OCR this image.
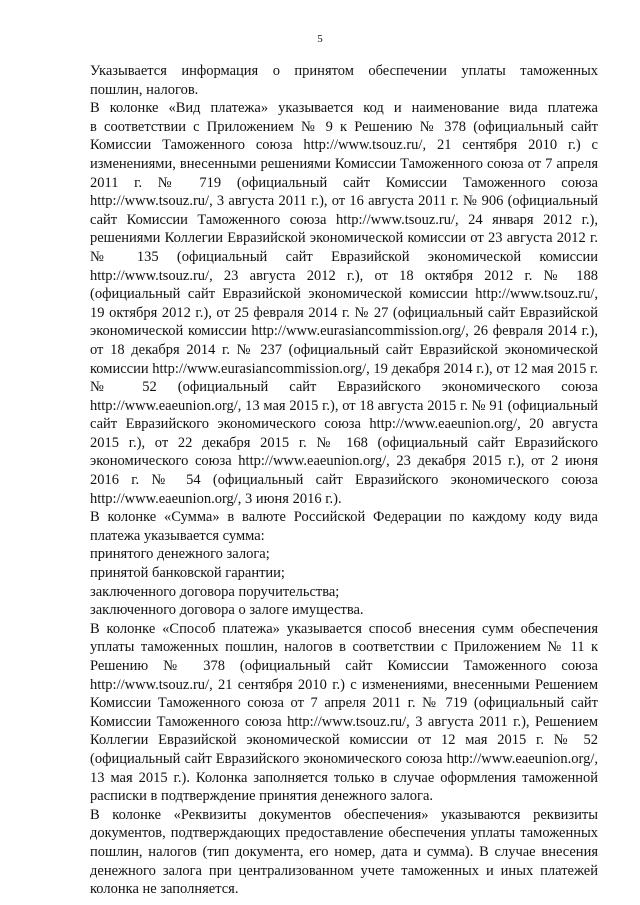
5
Указывается информация о принятом обеспечении уплаты таможенных
пошлин, налогов.
В колонке «Вид платежа» указывается код и наименование вида платежа
в соответствии с Приложением № 9 к Решению № 378 (официальный сайт
Комиссии Таможенного союза http://www.tsouz.ru/, 21 сентября 2010 г.) с
изменениями, внесенными решениями Комиссии Таможенного союза от 7 апреля
2011 г. № 719 (официальный сайт Комиссии Таможенного союза
http://www.tsouz.ru/, 3 августа 2011 г.), от 16 августа 2011 г. № 906 (официальный
сайт Комиссии Таможенного союза http://www.tsouz.ru/, 24 января 2012 г.),
решениями Коллегии Евразийской экономической комиссии от 23 августа 2012 г.
№ 135 (официальный сайт Евразийской экономической комиссии
http://www.tsouz.ru/, 23 августа 2012 г.), от 18 октября 2012 г. № 188
(официальный сайт Евразийской экономической комиссии http://www.tsouz.ru/,
19 октября 2012 г.), от 25 февраля 2014 г. № 27 (официальный сайт Евразийской
экономической комиссии http://www.eurasiancommission.org/, 26 февраля 2014 г.),
от 18 декабря 2014 г. № 237 (официальный сайт Евразийской экономической
комиссии http://www.eurasiancommission.org/, 19 декабря 2014 г.), от 12 мая 2015 г.
№ 52 (официальный сайт Евразийского экономического союза
http://www.eaeunion.org/, 13 мая 2015 г.), от 18 августа 2015 г. № 91 (официальный
сайт Евразийского экономического союза http://www.eaeunion.org/, 20 августа
2015 г.), от 22 декабря 2015 г. № 168 (официальный сайт Евразийского
экономического союза http://www.eaeunion.org/, 23 декабря 2015 г.), от 2 июня
2016 г. № 54 (официальный сайт Евразийского экономического союза
http://www.eaeunion.org/, 3 июня 2016 г.).
В колонке «Сумма» в валюте Российской Федерации по каждому коду вида
платежа указывается сумма:
принятого денежного залога;
принятой банковской гарантии;
заключенного договора поручительства;
заключенного договора о залоге имущества.
В колонке «Способ платежа» указывается способ внесения сумм обеспечения
уплаты таможенных пошлин, налогов в соответствии с Приложением № 11 к
Решению № 378 (официальный сайт Комиссии Таможенного союза
http://www.tsouz.ru/, 21 сентября 2010 г.) с изменениями, внесенными Решением
Комиссии Таможенного союза от 7 апреля 2011 г. № 719 (официальный сайт
Комиссии Таможенного союза http://www.tsouz.ru/, 3 августа 2011 г.), Решением
Коллегии Евразийской экономической комиссии от 12 мая 2015 г. № 52
(официальный сайт Евразийского экономического союза http://www.eaeunion.org/,
13 мая 2015 г.). Колонка заполняется только в случае оформления таможенной
расписки в подтверждение принятия денежного залога.
В колонке «Реквизиты документов обеспечения» указываются реквизиты
документов, подтверждающих предоставление обеспечения уплаты таможенных
пошлин, налогов (тип документа, его номер, дата и сумма). В случае внесения
денежного залога при централизованном учете таможенных и иных платежей
колонка не заполняется.
